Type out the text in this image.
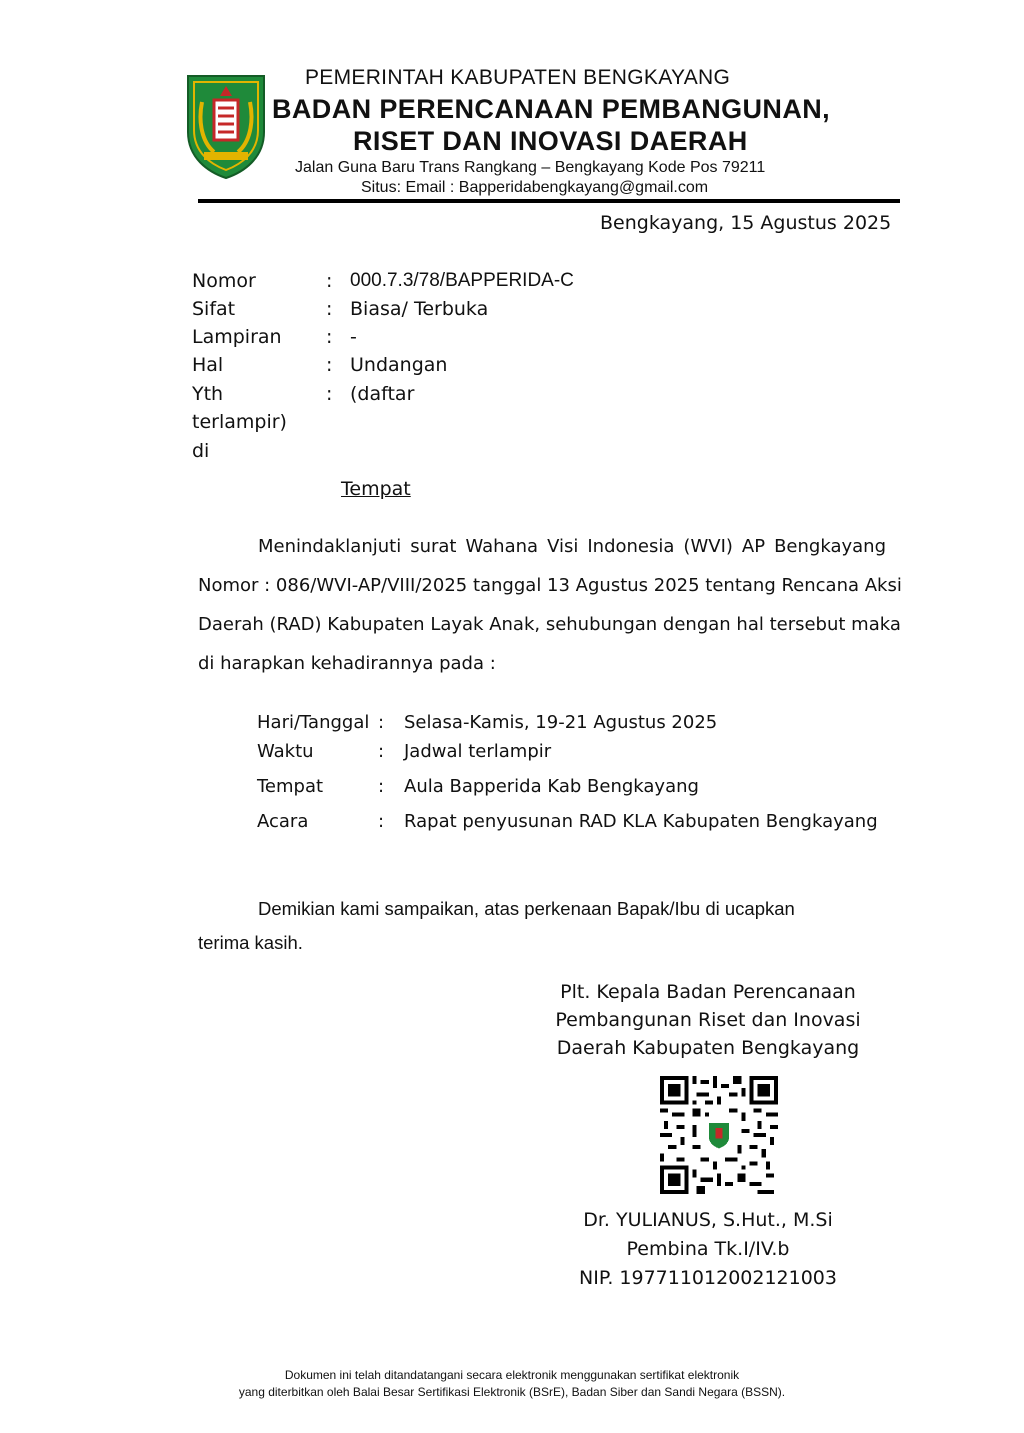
PEMERINTAH KABUPATEN BENGKAYANG
BADAN PERENCANAAN PEMBANGUNAN,
RISET DAN INOVASI DAERAH
Jalan Guna Baru Trans Rangkang – Bengkayang Kode Pos 79211
Situs: Email : Bapperidabengkayang@gmail.com
Bengkayang, 15 Agustus 2025
Nomor	: 000.7.3/78/BAPPERIDA-C
Sifat	: Biasa/ Terbuka
Lampiran : -
Hal	: Undangan
Yth	: (daftar
terlampir)
di
Tempat
Menindaklanjuti surat Wahana Visi Indonesia (WVI) AP Bengkayang
Nomor : 086/WVI-AP/VIII/2025 tanggal 13 Agustus 2025 tentang Rencana Aksi
Daerah (RAD) Kabupaten Layak Anak, sehubungan dengan hal tersebut maka
di harapkan kehadirannya pada :
Hari/Tanggal : Selasa-Kamis, 19-21 Agustus 2025
Waktu	: Jadwal terlampir
Tempat	: Aula Bapperida Kab Bengkayang
Acara	: Rapat penyusunan RAD KLA Kabupaten Bengkayang
Demikian kami sampaikan, atas perkenaan Bapak/Ibu di ucapkan
terima kasih.
Plt. Kepala Badan Perencanaan
Pembangunan Riset dan Inovasi
Daerah Kabupaten Bengkayang
Dr. YULIANUS, S.Hut., M.Si
Pembina Tk.I/IV.b
NIP. 197711012002121003
Dokumen ini telah ditandatangani secara elektronik menggunakan sertifikat elektronik
yang diterbitkan oleh Balai Besar Sertifikasi Elektronik (BSrE), Badan Siber dan Sandi Negara (BSSN).
